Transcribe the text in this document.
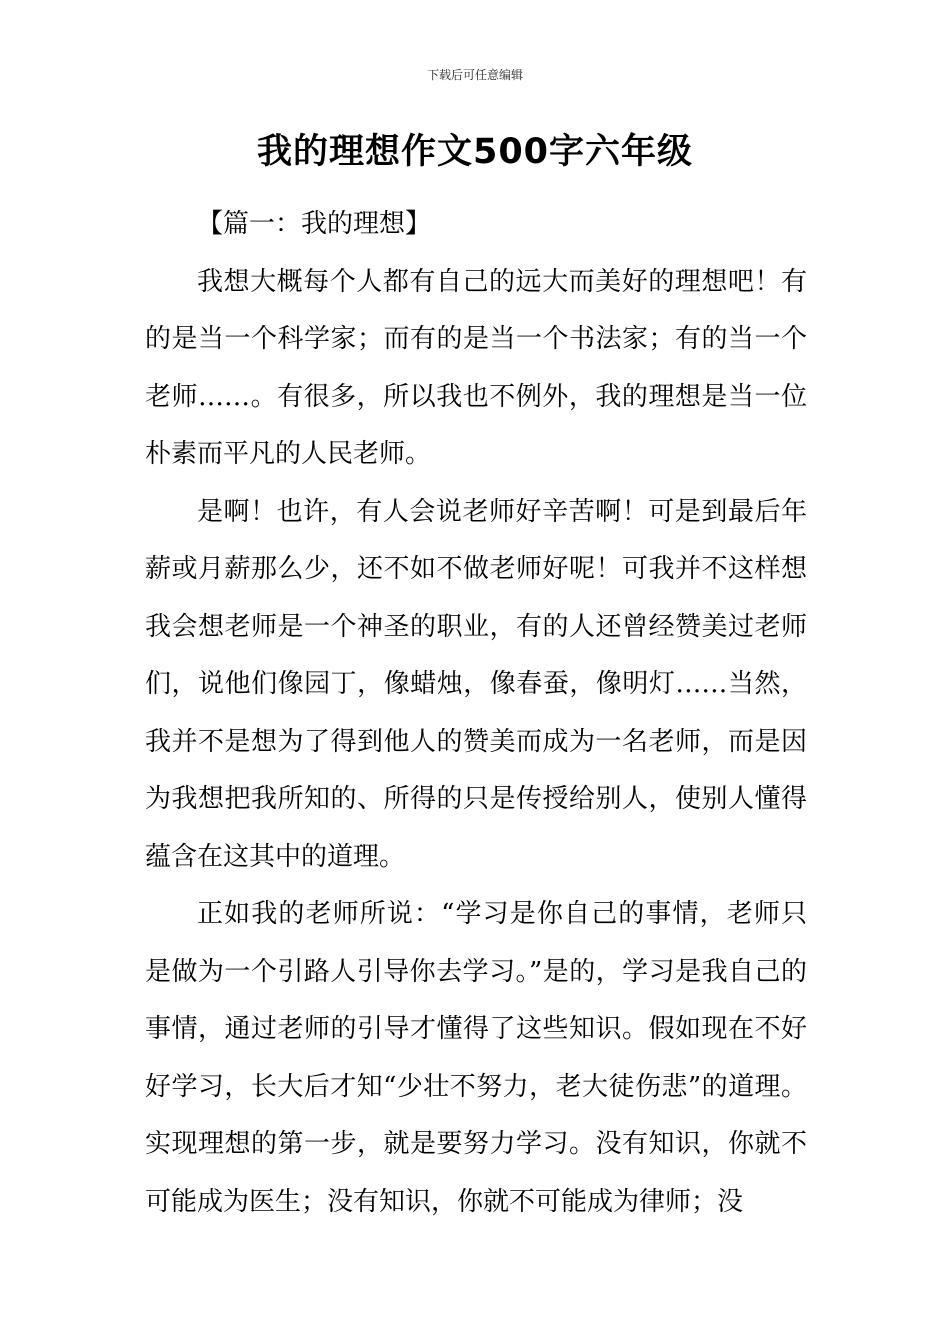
下载后可任意编辑
我的理想作文500字六年级

【篇一：我的理想】

我想大概每个人都有自己的远大而美好的理想吧！有的是当一个科学家；而有的是当一个书法家；有的当一个老师……。有很多，所以我也不例外，我的理想是当一位朴素而平凡的人民老师。

是啊！也许，有人会说老师好辛苦啊！可是到最后年薪或月薪那么少，还不如不做老师好呢！可我并不这样想我会想老师是一个神圣的职业，有的人还曾经赞美过老师们，说他们像园丁，像蜡烛，像春蚕，像明灯……当然，我并不是想为了得到他人的赞美而成为一名老师，而是因为我想把我所知的、所得的只是传授给别人，使别人懂得蕴含在这其中的道理。

正如我的老师所说：“学习是你自己的事情，老师只是做为一个引路人引导你去学习。”是的，学习是我自己的事情，通过老师的引导才懂得了这些知识。假如现在不好好学习，长大后才知“少壮不努力，老大徒伤悲”的道理。实现理想的第一步，就是要努力学习。没有知识，你就不可能成为医生；没有知识，你就不可能成为律师；没
